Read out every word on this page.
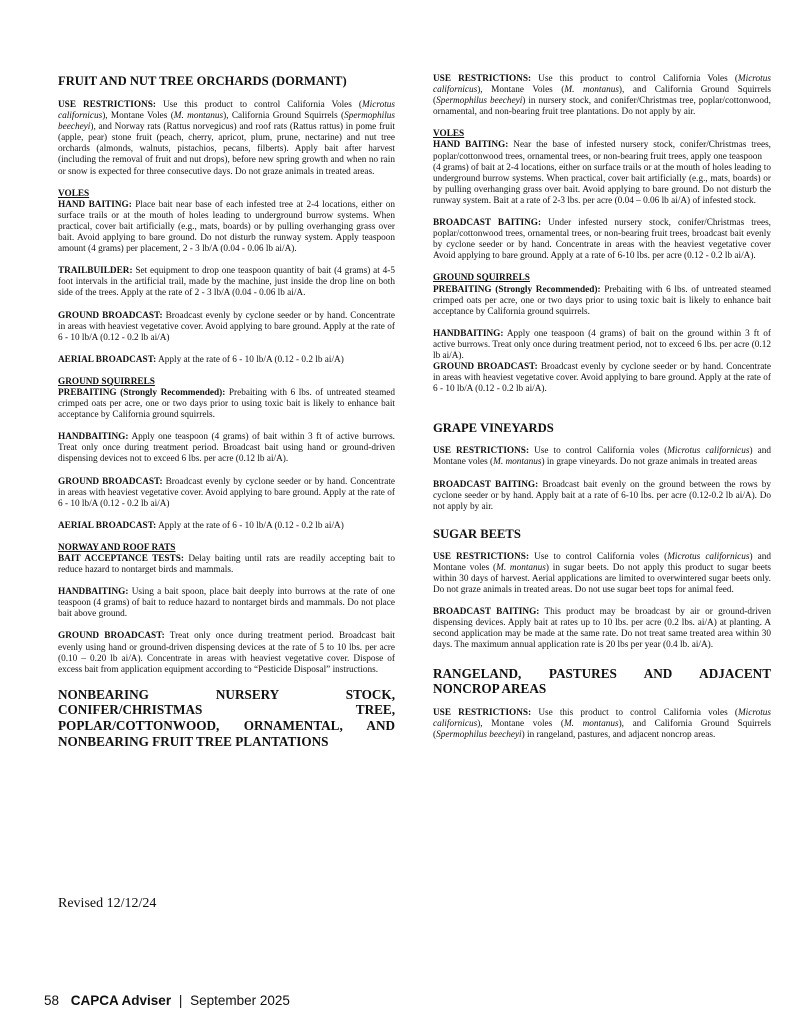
FRUIT AND NUT TREE ORCHARDS (DORMANT)

USE RESTRICTIONS: Use this product to control California Voles (Microtus californicus), Montane Voles (M. montanus), California Ground Squirrels (Spermophilus beecheyi), and Norway rats (Rattus norvegicus) and roof rats (Rattus rattus) in pome fruit (apple, pear) stone fruit (peach, cherry, apricot, plum, prune, nectarine) and nut tree orchards (almonds, walnuts, pistachios, pecans, filberts). Apply bait after harvest (including the removal of fruit and nut drops), before new spring growth and when no rain or snow is expected for three consecutive days. Do not graze animals in treated areas.

VOLES

HAND BAITING: Place bait near base of each infested tree at 2-4 locations, either on surface trails or at the mouth of holes leading to underground burrow systems. When practical, cover bait artificially (e.g., mats, boards) or by pulling overhanging grass over bait. Avoid applying to bare ground. Do not disturb the runway system. Apply teaspoon amount (4 grams) per placement, 2 - 3 lb/A (0.04 - 0.06 lb ai/A).

TRAILBUILDER: Set equipment to drop one teaspoon quantity of bait (4 grams) at 4-5 foot intervals in the artificial trail, made by the machine, just inside the drop line on both side of the trees. Apply at the rate of 2 - 3 lb/A (0.04 - 0.06 lb ai/A.

GROUND BROADCAST: Broadcast evenly by cyclone seeder or by hand. Concentrate in areas with heaviest vegetative cover. Avoid applying to bare ground. Apply at the rate of 6 - 10 lb/A (0.12 - 0.2 lb ai/A)

AERIAL BROADCAST: Apply at the rate of 6 - 10 lb/A (0.12 - 0.2 lb ai/A)

GROUND SQUIRRELS

PREBAITING (Strongly Recommended): Prebaiting with 6 lbs. of untreated steamed crimped oats per acre, one or two days prior to using toxic bait is likely to enhance bait acceptance by California ground squirrels.

HANDBAITING: Apply one teaspoon (4 grams) of bait within 3 ft of active burrows. Treat only once during treatment period. Broadcast bait using hand or ground-driven dispensing devices not to exceed 6 lbs. per acre (0.12 lb ai/A).

GROUND BROADCAST: Broadcast evenly by cyclone seeder or by hand. Concentrate in areas with heaviest vegetative cover. Avoid applying to bare ground. Apply at the rate of 6 - 10 lb/A (0.12 - 0.2 lb ai/A)

AERIAL BROADCAST: Apply at the rate of 6 - 10 lb/A (0.12 - 0.2 lb ai/A)

NORWAY AND ROOF RATS

BAIT ACCEPTANCE TESTS: Delay baiting until rats are readily accepting bait to reduce hazard to nontarget birds and mammals.

HANDBAITING: Using a bait spoon, place bait deeply into burrows at the rate of one teaspoon (4 grams) of bait to reduce hazard to nontarget birds and mammals. Do not place bait above ground.

GROUND BROADCAST: Treat only once during treatment period. Broadcast bait evenly using hand or ground-driven dispensing devices at the rate of 5 to 10 lbs. per acre (0.10 – 0.20 lb ai/A). Concentrate in areas with heaviest vegetative cover. Dispose of excess bait from application equipment according to “Pesticide Disposal” instructions.

NONBEARING NURSERY STOCK,
CONIFER/CHRISTMAS TREE,
POPLAR/COTTONWOOD, ORNAMENTAL, AND
NONBEARING FRUIT TREE PLANTATIONS

USE RESTRICTIONS: Use this product to control California Voles (Microtus californicus), Montane Voles (M. montanus), and California Ground Squirrels (Spermophilus beecheyi) in nursery stock, and conifer/Christmas tree, poplar/cottonwood, ornamental, and non-bearing fruit tree plantations. Do not apply by air.

VOLES

HAND BAITING: Near the base of infested nursery stock, conifer/Christmas trees, poplar/cottonwood trees, ornamental trees, or non-bearing fruit trees, apply one teaspoon

(4 grams) of bait at 2-4 locations, either on surface trails or at the mouth of holes leading to underground burrow systems. When practical, cover bait artificially (e.g., mats, boards) or by pulling overhanging grass over bait. Avoid applying to bare ground. Do not disturb the runway system. Bait at a rate of 2-3 lbs. per acre (0.04 – 0.06 lb ai/A) of infested stock.

BROADCAST BAITING: Under infested nursery stock, conifer/Christmas trees, poplar/cottonwood trees, ornamental trees, or non-bearing fruit trees, broadcast bait evenly by cyclone seeder or by hand. Concentrate in areas with the heaviest vegetative cover Avoid applying to bare ground. Apply at a rate of 6-10 lbs. per acre (0.12 - 0.2 lb ai/A).

GROUND SQUIRRELS

PREBAITING (Strongly Recommended): Prebaiting with 6 lbs. of untreated steamed crimped oats per acre, one or two days prior to using toxic bait is likely to enhance bait acceptance by California ground squirrels.

HANDBAITING: Apply one teaspoon (4 grams) of bait on the ground within 3 ft of active burrows. Treat only once during treatment period, not to exceed 6 lbs. per acre (0.12 lb ai/A).

GROUND BROADCAST: Broadcast evenly by cyclone seeder or by hand. Concentrate in areas with heaviest vegetative cover. Avoid applying to bare ground. Apply at the rate of 6 - 10 lb/A (0.12 - 0.2 lb ai/A).

GRAPE VINEYARDS

USE RESTRICTIONS: Use to control California voles (Microtus californicus) and Montane voles (M. montanus) in grape vineyards. Do not graze animals in treated areas

BROADCAST BAITING: Broadcast bait evenly on the ground between the rows by cyclone seeder or by hand. Apply bait at a rate of 6-10 lbs. per acre (0.12-0.2 lb ai/A). Do not apply by air.

SUGAR BEETS

USE RESTRICTIONS: Use to control California voles (Microtus californicus) and Montane voles (M. montanus) in sugar beets. Do not apply this product to sugar beets within 30 days of harvest. Aerial applications are limited to overwintered sugar beets only. Do not graze animals in treated areas. Do not use sugar beet tops for animal feed.

BROADCAST BAITING: This product may be broadcast by air or ground-driven dispensing devices. Apply bait at rates up to 10 lbs. per acre (0.2 lbs. ai/A) at planting. A second application may be made at the same rate. Do not treat same treated area within 30 days. The maximum annual application rate is 20 lbs per year (0.4 lb. ai/A).

RANGELAND, PASTURES AND ADJACENT
NONCROP AREAS

USE RESTRICTIONS: Use this product to control California voles (Microtus californicus), Montane voles (M. montanus), and California Ground Squirrels (Spermophilus beecheyi) in rangeland, pastures, and adjacent noncrop areas.

Revised 12/12/24
58 CAPCA Adviser | September 2025
